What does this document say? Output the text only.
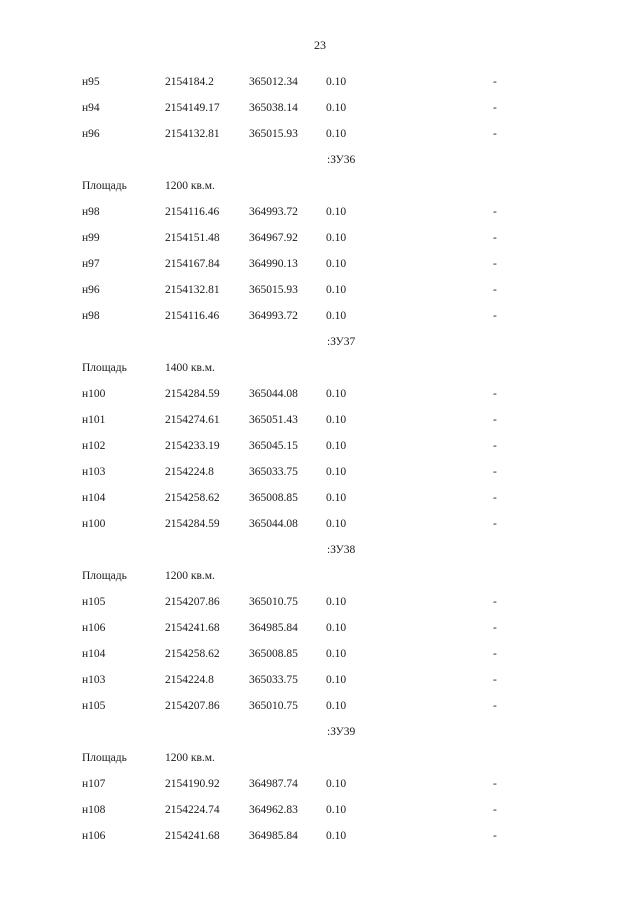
23
н95	2154184.2	365012.34 0.10	-
н94	2154149.17	365038.14 0.10	-
н96	2154132.81	365015.93 0.10	-
:ЗУ36
Площадь	1200 кв.м.
н98	2154116.46	364993.72 0.10	-
н99	2154151.48	364967.92 0.10	-
н97	2154167.84	364990.13 0.10	-
н96	2154132.81	365015.93 0.10	-
н98	2154116.46	364993.72 0.10	-
:ЗУ37
Площадь	1400 кв.м.
н100	2154284.59	365044.08 0.10	-
н101	2154274.61	365051.43 0.10	-
н102	2154233.19	365045.15 0.10	-
н103	2154224.8	365033.75 0.10	-
н104	2154258.62	365008.85 0.10	-
н100	2154284.59	365044.08 0.10	-
:ЗУ38
Площадь	1200 кв.м.
н105	2154207.86	365010.75 0.10	-
н106	2154241.68	364985.84 0.10	-
н104	2154258.62	365008.85 0.10	-
н103	2154224.8	365033.75 0.10	-
н105	2154207.86	365010.75 0.10	-
:ЗУ39
Площадь	1200 кв.м.
н107	2154190.92	364987.74 0.10	-
н108	2154224.74	364962.83 0.10	-
н106	2154241.68	364985.84 0.10	-
